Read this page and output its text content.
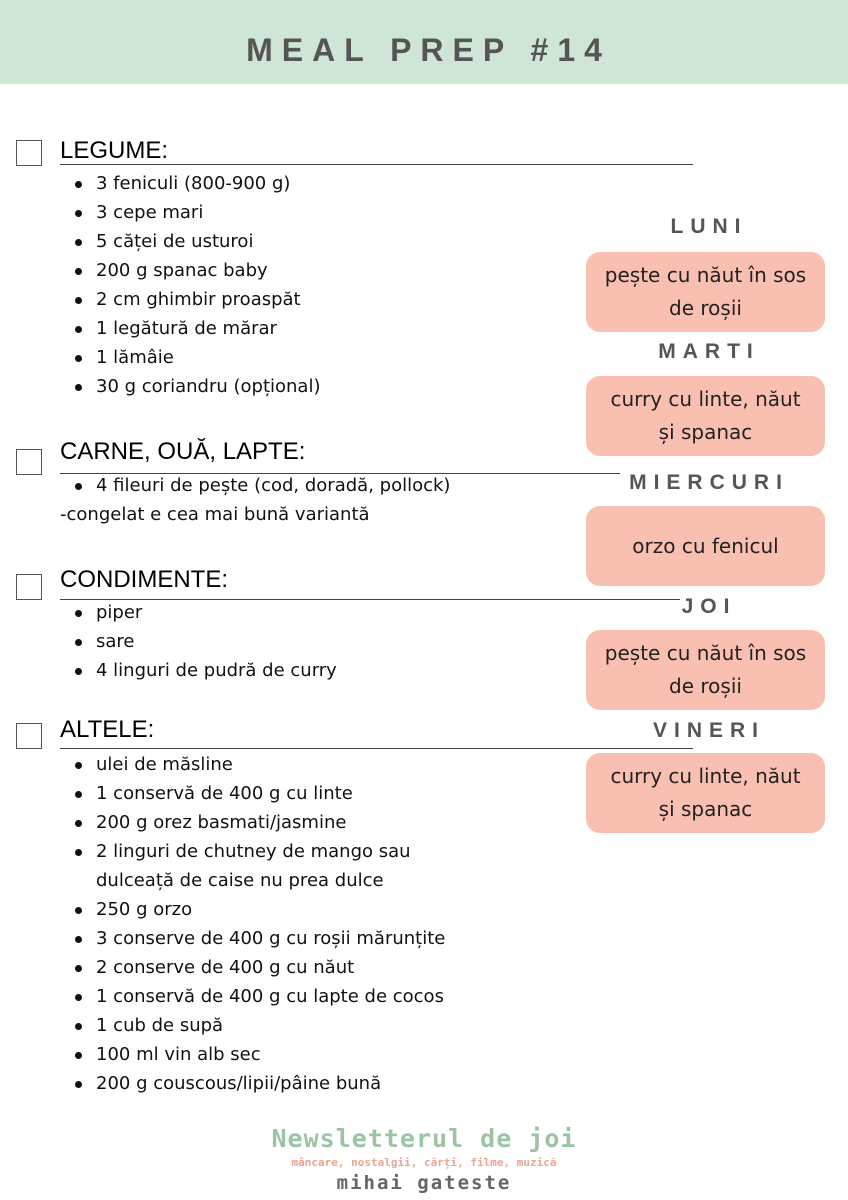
MEAL PREP #14
LEGUME:
3 feniculi (800-900 g)
3 cepe mari
5 căței de usturoi
200 g spanac baby
2 cm ghimbir proaspăt
1 legătură de mărar
1 lămâie
30 g coriandru (opțional)
CARNE, OUĂ, LAPTE:
4 fileuri de pește (cod, doradă, pollock)
-congelat e cea mai bună variantă
CONDIMENTE:
piper
sare
4 linguri de pudră de curry
ALTELE:
ulei de măsline
1 conservă de 400 g cu linte
200 g orez basmati/jasmine
2 linguri de chutney de mango sau dulceață de caise nu prea dulce
250 g orzo
3 conserve de 400 g cu roșii mărunțite
2 conserve de 400 g cu năut
1 conservă de 400 g cu lapte de cocos
1 cub de supă
100 ml vin alb sec
200 g couscous/lipii/pâine bună
LUNI
pește cu năut în sos de roșii
MARTI
curry cu linte, năut și spanac
MIERCURI
orzo cu fenicul
JOI
pește cu năut în sos de roșii
VINERI
curry cu linte, năut și spanac
Newsletterul de joi
mâncare, nostalgii, cărți, filme, muzică
mihai gateste
